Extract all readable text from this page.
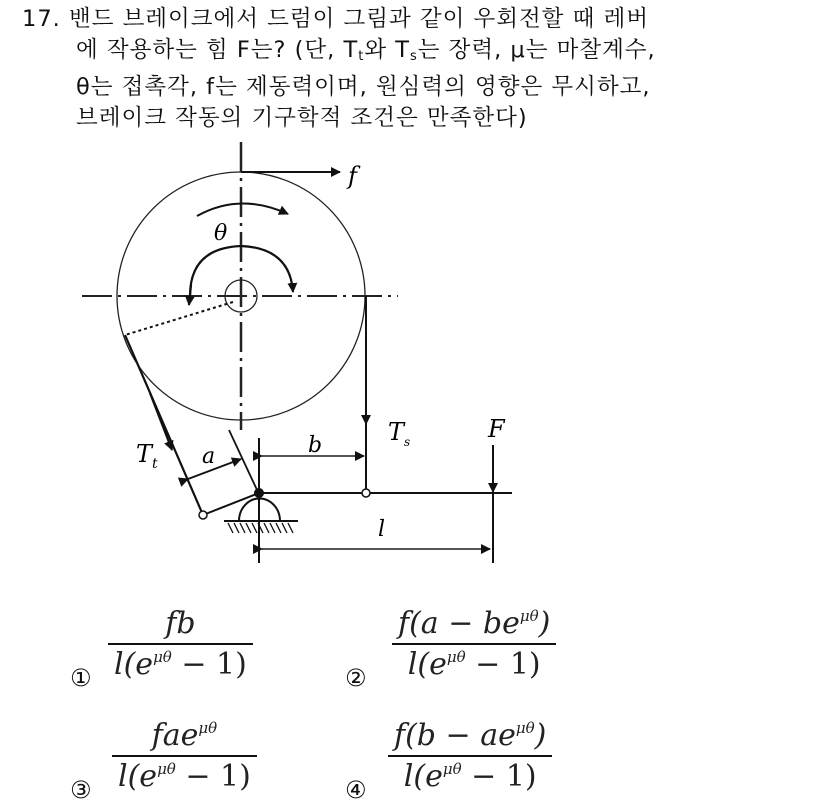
17. 밴드 브레이크에서 드럼이 그림과 같이 우회전할 때 레버
에 작용하는 힘 F는? (단, $T_t$와 $T_s$는 장력, μ는 마찰계수,
θ는 접촉각, f는 제동력이며, 원심력의 영향은 무시하고,
브레이크 작동의 기구학적 조건은 만족한다)
f
θ
$T_t$
$T_s$	F
b
l
a
①
fb
$l(e^{\mu\theta} - 1)$	②
$f(a - be^{\mu\theta})$
$l(e^{\mu\theta} - 1)$
③
fae$^{\mu\theta}$
$l(e^{\mu\theta} - 1)$	④
$f(b - ae^{\mu\theta})$
$l(e^{\mu\theta} - 1)$
